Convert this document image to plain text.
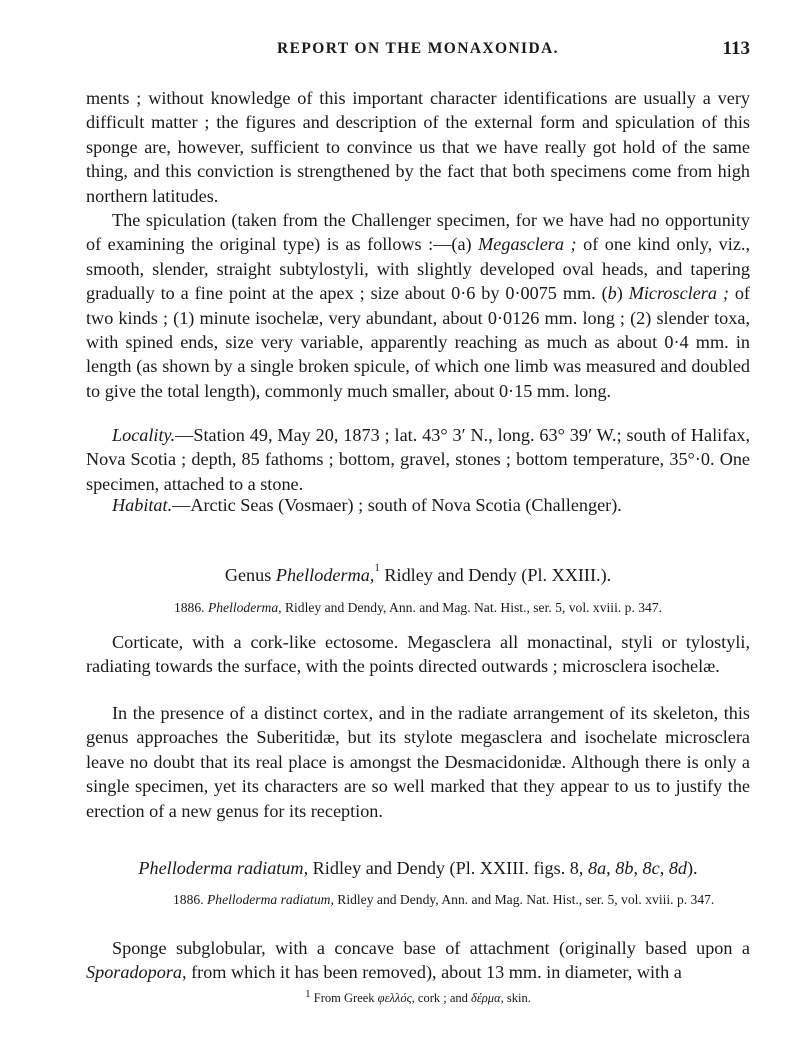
REPORT ON THE MONAXONIDA.	113

ments ; without knowledge of this important character identifications are usually a very difficult matter ; the figures and description of the external form and spiculation of this sponge are, however, sufficient to convince us that we have really got hold of the same thing, and this conviction is strengthened by the fact that both specimens come from high northern latitudes.

The spiculation (taken from the Challenger specimen, for we have had no opportunity of examining the original type) is as follows :—(a) Megasclera ; of one kind only, viz., smooth, slender, straight subtylostyli, with slightly developed oval heads, and tapering gradually to a fine point at the apex ; size about 0·6 by 0·0075 mm. (b) Microsclera ; of two kinds ; (1) minute isochelæ, very abundant, about 0·0126 mm. long ; (2) slender toxa, with spined ends, size very variable, apparently reaching as much as about 0·4 mm. in length (as shown by a single broken spicule, of which one limb was measured and doubled to give the total length), commonly much smaller, about 0·15 mm. long.

Locality.—Station 49, May 20, 1873 ; lat. 43° 3′ N., long. 63° 39′ W.; south of Halifax, Nova Scotia ; depth, 85 fathoms ; bottom, gravel, stones ; bottom temperature, 35°·0. One specimen, attached to a stone.

Habitat.—Arctic Seas (Vosmaer) ; south of Nova Scotia (Challenger).

Genus Phelloderma,$^1$ Ridley and Dendy (Pl. XXIII.).
1886. Phelloderma, Ridley and Dendy, Ann. and Mag. Nat. Hist., ser. 5, vol. xviii. p. 347.

Corticate, with a cork-like ectosome. Megasclera all monactinal, styli or tylostyli, radiating towards the surface, with the points directed outwards ; microsclera isochelæ.

In the presence of a distinct cortex, and in the radiate arrangement of its skeleton, this genus approaches the Suberitidæ, but its stylote megasclera and isochelate microsclera leave no doubt that its real place is amongst the Desmacidonidæ. Although there is only a single specimen, yet its characters are so well marked that they appear to us to justify the erection of a new genus for its reception.

Phelloderma radiatum, Ridley and Dendy (Pl. XXIII. figs. 8, 8a, 8b, 8c, 8d).
1886. Phelloderma radiatum, Ridley and Dendy, Ann. and Mag. Nat. Hist., ser. 5, vol. xviii. p. 347.

Sponge subglobular, with a concave base of attachment (originally based upon a Sporadopora, from which it has been removed), about 13 mm. in diameter, with a

$^1$ From Greek φελλός, cork ; and δέρμα, skin.
